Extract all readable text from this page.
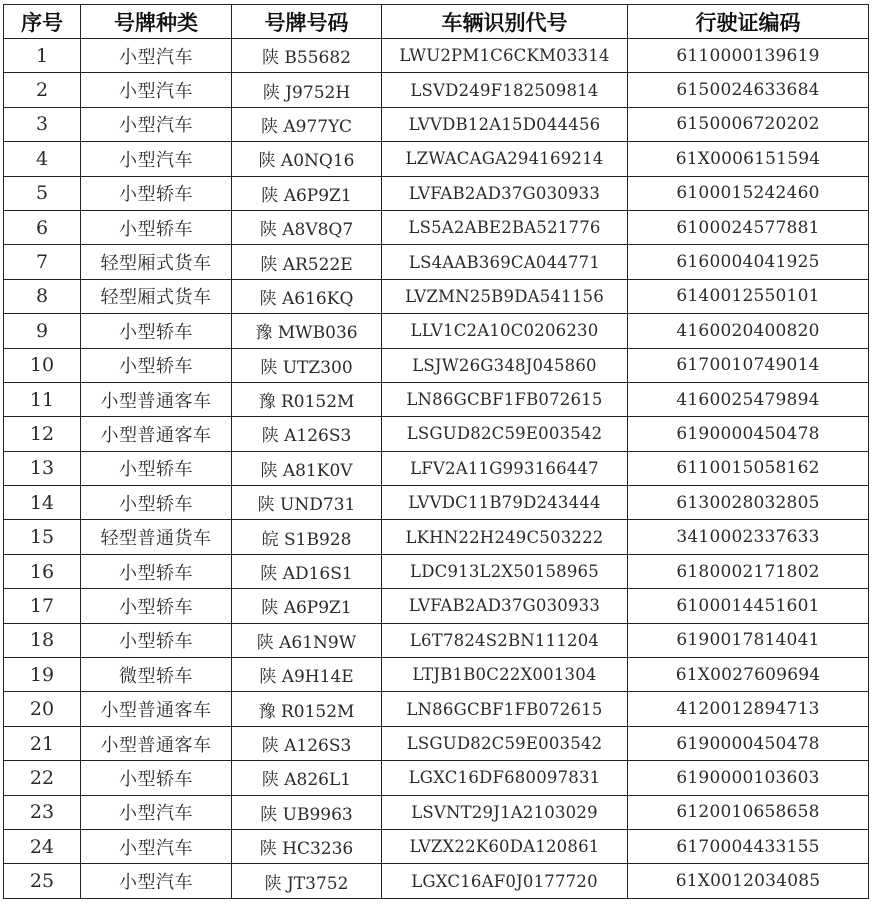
序号	号牌种类	号牌号码	车辆识别代号	行驶证编码
1	小型汽车	陕 B55682	LWU2PM1C6CKM03314	6110000139619
2	小型汽车	陕 J9752H	LSVD249F182509814	6150024633684
3	小型汽车	陕 A977YC	LVVDB12A15D044456	6150006720202
4	小型汽车	陕 A0NQ16	LZWACAGA294169214	61X0006151594
5	小型轿车	陕 A6P9Z1	LVFAB2AD37G030933	6100015242460
6	小型轿车	陕 A8V8Q7	LS5A2ABE2BA521776	6100024577881
7	轻型厢式货车	陕 AR522E	LS4AAB369CA044771	6160004041925
8	轻型厢式货车	陕 A616KQ	LVZMN25B9DA541156	6140012550101
9	小型轿车	豫 MWB036	LLV1C2A10C0206230	4160020400820
10	小型轿车	陕 UTZ300	LSJW26G348J045860	6170010749014
11	小型普通客车	豫 R0152M	LN86GCBF1FB072615	4160025479894
12	小型普通客车	陕 A126S3	LSGUD82C59E003542	6190000450478
13	小型轿车	陕 A81K0V	LFV2A11G993166447	6110015058162
14	小型轿车	陕 UND731	LVVDC11B79D243444	6130028032805
15	轻型普通货车	皖 S1B928	LKHN22H249C503222	3410002337633
16	小型轿车	陕 AD16S1	LDC913L2X50158965	6180002171802
17	小型轿车	陕 A6P9Z1	LVFAB2AD37G030933	6100014451601
18	小型轿车	陕 A61N9W	L6T7824S2BN111204	6190017814041
19	微型轿车	陕 A9H14E	LTJB1B0C22X001304	61X0027609694
20	小型普通客车	豫 R0152M	LN86GCBF1FB072615	4120012894713
21	小型普通客车	陕 A126S3	LSGUD82C59E003542	6190000450478
22	小型轿车	陕 A826L1	LGXC16DF680097831	6190000103603
23	小型汽车	陕 UB9963	LSVNT29J1A2103029	6120010658658
24	小型汽车	陕 HC3236	LVZX22K60DA120861	6170004433155
25	小型汽车	陕 JT3752	LGXC16AF0J0177720	61X0012034085
